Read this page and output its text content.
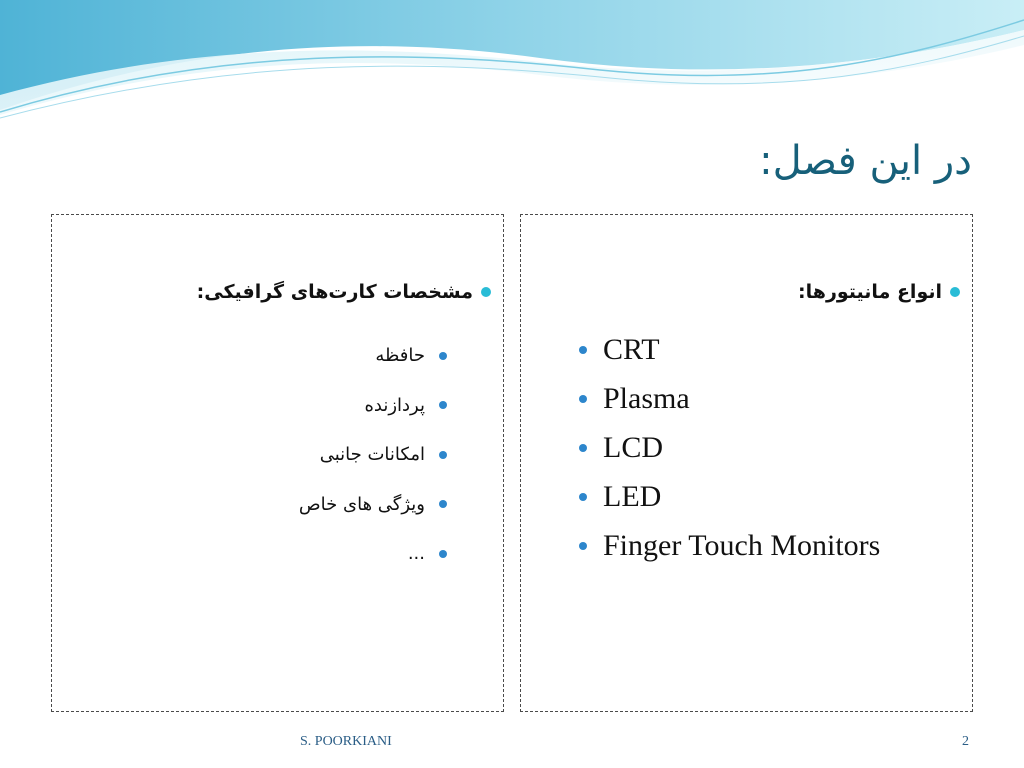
در این فصل:
مشخصات کارت‌های گرافیکی:
حافظه
پردازنده
امکانات جانبی
ویژگی های خاص
...
انواع مانیتورها:
CRT
Plasma
LCD
LED
Finger Touch Monitors
S. POORKIANI	2
